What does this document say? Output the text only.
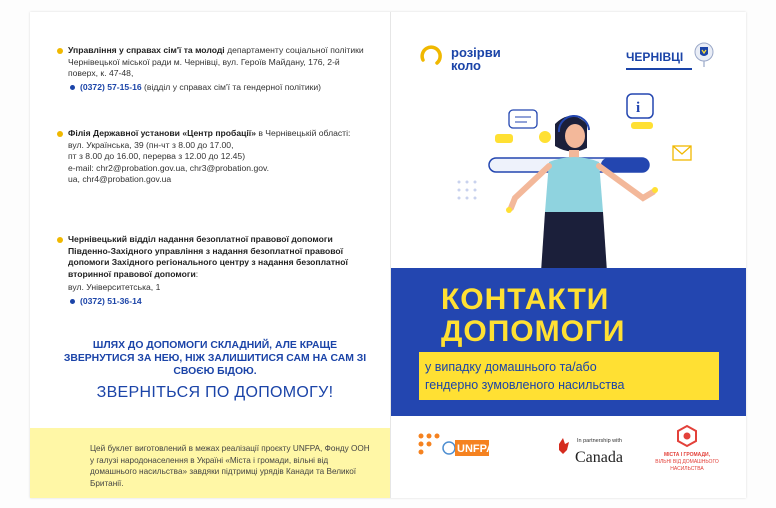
Управління у справах сім'ї та молоді департаменту соціальної політики Чернівецької міської ради м. Чернівці, вул. Героїв Майдану, 176, 2-й поверх, к. 47-48,
(0372) 57-15-16 (відділ у справах сім'ї та гендерної політики)
Філія Державної установи «Центр пробації» в Чернівецькій області:
вул. Українська, 39 (пн-чт з 8.00 до 17.00,
пт з 8.00 до 16.00, перерва з 12.00 до 12.45)
e-mail: chr2@probation.gov.ua, chr3@probation.gov.
ua, chr4@probation.gov.ua
Чернівецький відділ надання безоплатної правової допомоги Південно-Західного управління з надання безоплатної правової допомоги Західного регіонального центру з надання безоплатної вторинної правової допомоги:
вул. Університетська, 1
(0372) 51-36-14
ШЛЯХ ДО ДОПОМОГИ СКЛАДНИЙ, АЛЕ КРАЩЕ ЗВЕРНУТИСЯ ЗА НЕЮ, НІЖ ЗАЛИШИТИСЯ САМ НА САМ ЗІ СВОЄЮ БІДОЮ.
ЗВЕРНІТЬСЯ ПО ДОПОМОГУ!

Цей буклет виготовлений в межах реалізації проєкту UNFPA, Фонду ООН у галузі народонаселення в Україні «Міста і громади, вільні від домашнього насильства» завдяки підтримці урядів Канади та Великої Британії.

розірви
коло
ЧЕРНІВЦІ
i
КОНТАКТИ
ДОПОМОГИ
у випадку домашнього та/або
гендерно зумовленого насильства
UNFPA
In partnership with
Canada	МІСТА І ГРОМАДИ,
ВІЛЬНІ ВІД ДОМАШНЬОГО
НАСИЛЬСТВА
